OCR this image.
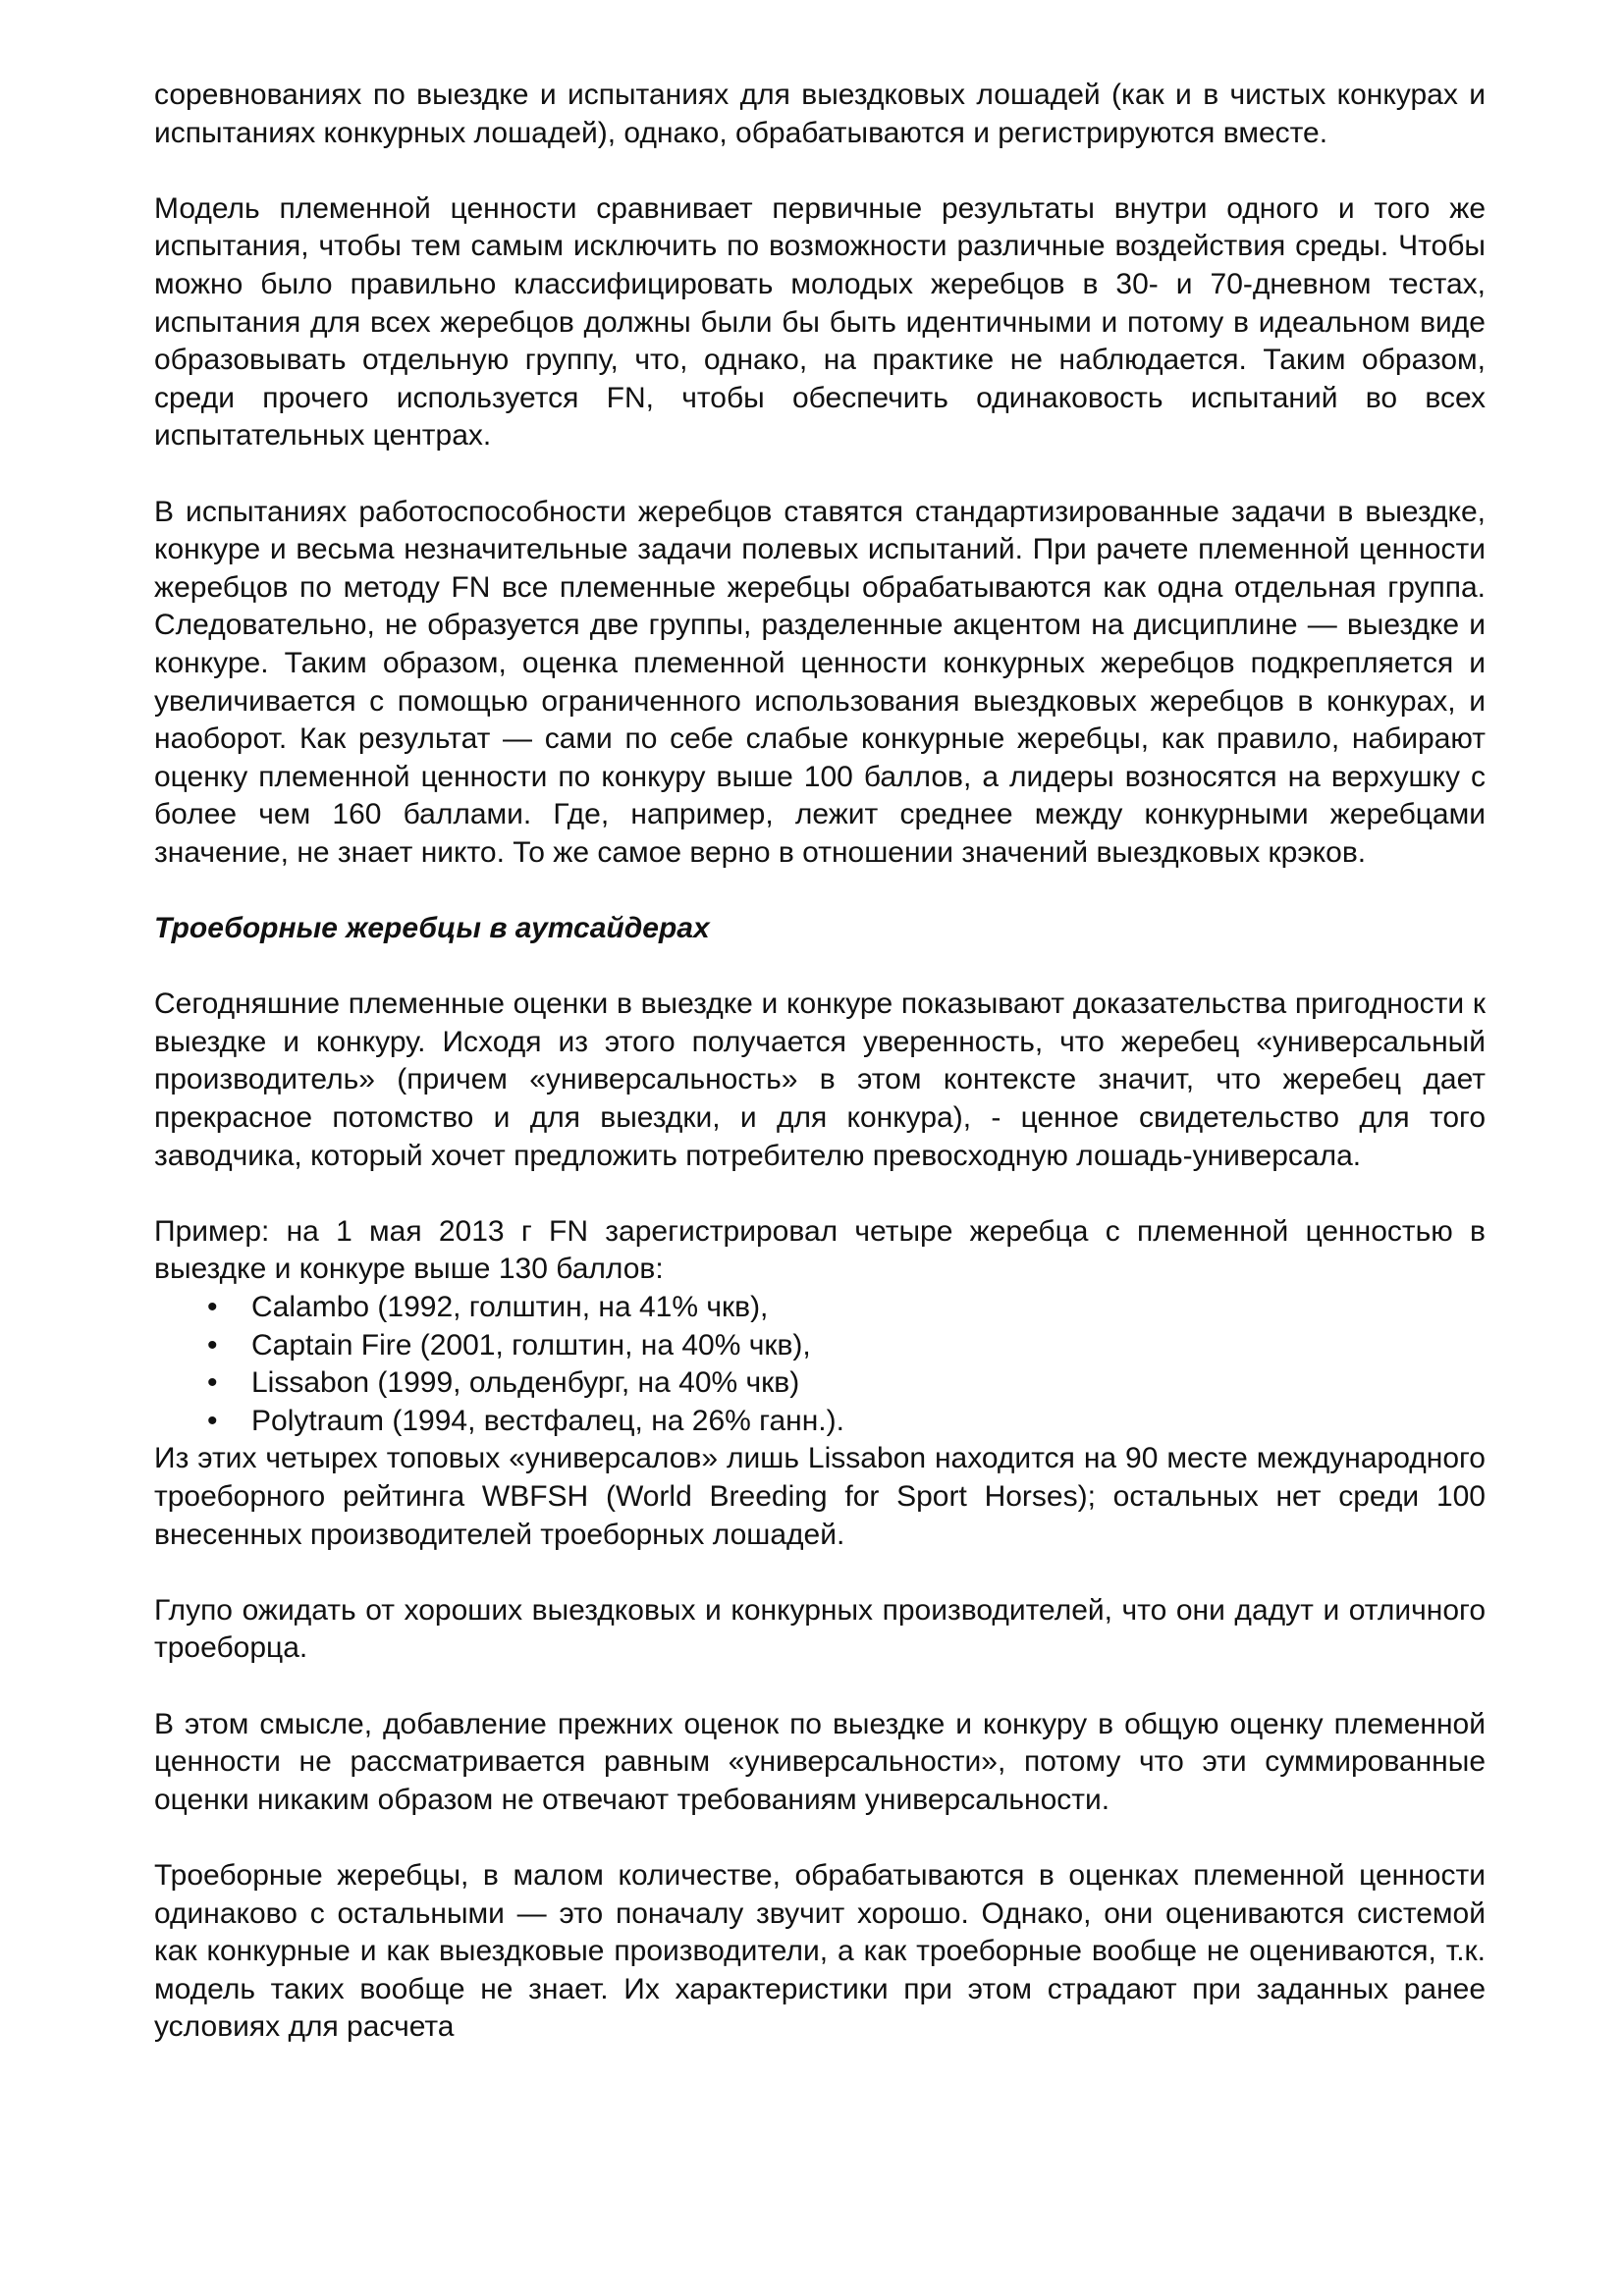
соревнованиях по выездке и испытаниях для выездковых лошадей (как и в чистых конкурах и испытаниях конкурных лошадей), однако, обрабатываются и регистрируются вместе.

Модель племенной ценности сравнивает первичные результаты внутри одного и того же испытания, чтобы тем самым исключить по возможности различные воздействия среды. Чтобы можно было правильно классифицировать молодых жеребцов в 30- и 70-дневном тестах, испытания для всех жеребцов должны были бы быть идентичными и потому в идеальном виде образовывать отдельную группу, что, однако, на практике не наблюдается. Таким образом, среди прочего используется FN, чтобы обеспечить одинаковость испытаний во всех испытательных центрах.

В испытаниях работоспособности жеребцов ставятся стандартизированные задачи в выездке, конкуре и весьма незначительные задачи полевых испытаний. При рачете племенной ценности жеребцов по методу FN все племенные жеребцы обрабатываются как одна отдельная группа. Следовательно, не образуется две группы, разделенные акцентом на дисциплине — выездке и конкуре. Таким образом, оценка племенной ценности конкурных жеребцов подкрепляется и увеличивается с помощью ограниченного использования выездковых жеребцов в конкурах, и наоборот. Как результат — сами по себе слабые конкурные жеребцы, как правило, набирают оценку племенной ценности по конкуру выше 100 баллов, а лидеры возносятся на верхушку с более чем 160 баллами. Где, например, лежит среднее между конкурными жеребцами значение, не знает никто. То же самое верно в отношении значений выездковых крэков.

Троеборные жеребцы в аутсайдерах

Сегодняшние племенные оценки в выездке и конкуре показывают доказательства пригодности к выездке и конкуру. Исходя из этого получается уверенность, что жеребец «универсальный производитель» (причем «универсальность» в этом контексте значит, что жеребец дает прекрасное потомство и для выездки, и для конкура), - ценное свидетельство для того заводчика, который хочет предложить потребителю превосходную лошадь-универсала.

Пример: на 1 мая 2013 г FN зарегистрировал четыре жеребца с племенной ценностью в выездке и конкуре выше 130 баллов:

• Calambo (1992, голштин, на 41% чкв),
• Captain Fire (2001, голштин, на 40% чкв),
• Lissabon (1999, ольденбург, на 40% чкв)
• Polytraum (1994, вестфалец, на 26% ганн.).

Из этих четырех топовых «универсалов» лишь Lissabon находится на 90 месте международного троеборного рейтинга WBFSH (World Breeding for Sport Horses); остальных нет среди 100 внесенных производителей троеборных лошадей.

Глупо ожидать от хороших выездковых и конкурных производителей, что они дадут и отличного троеборца.

В этом смысле, добавление прежних оценок по выездке и конкуру в общую оценку племенной ценности не рассматривается равным «универсальности», потому что эти суммированные оценки никаким образом не отвечают требованиям универсальности.

Троеборные жеребцы, в малом количестве, обрабатываются в оценках племенной ценности одинаково с остальными — это поначалу звучит хорошо. Однако, они оцениваются системой как конкурные и как выездковые производители, а как троеборные вообще не оцениваются, т.к. модель таких вообще не знает. Их характеристики при этом страдают при заданных ранее условиях для расчета
